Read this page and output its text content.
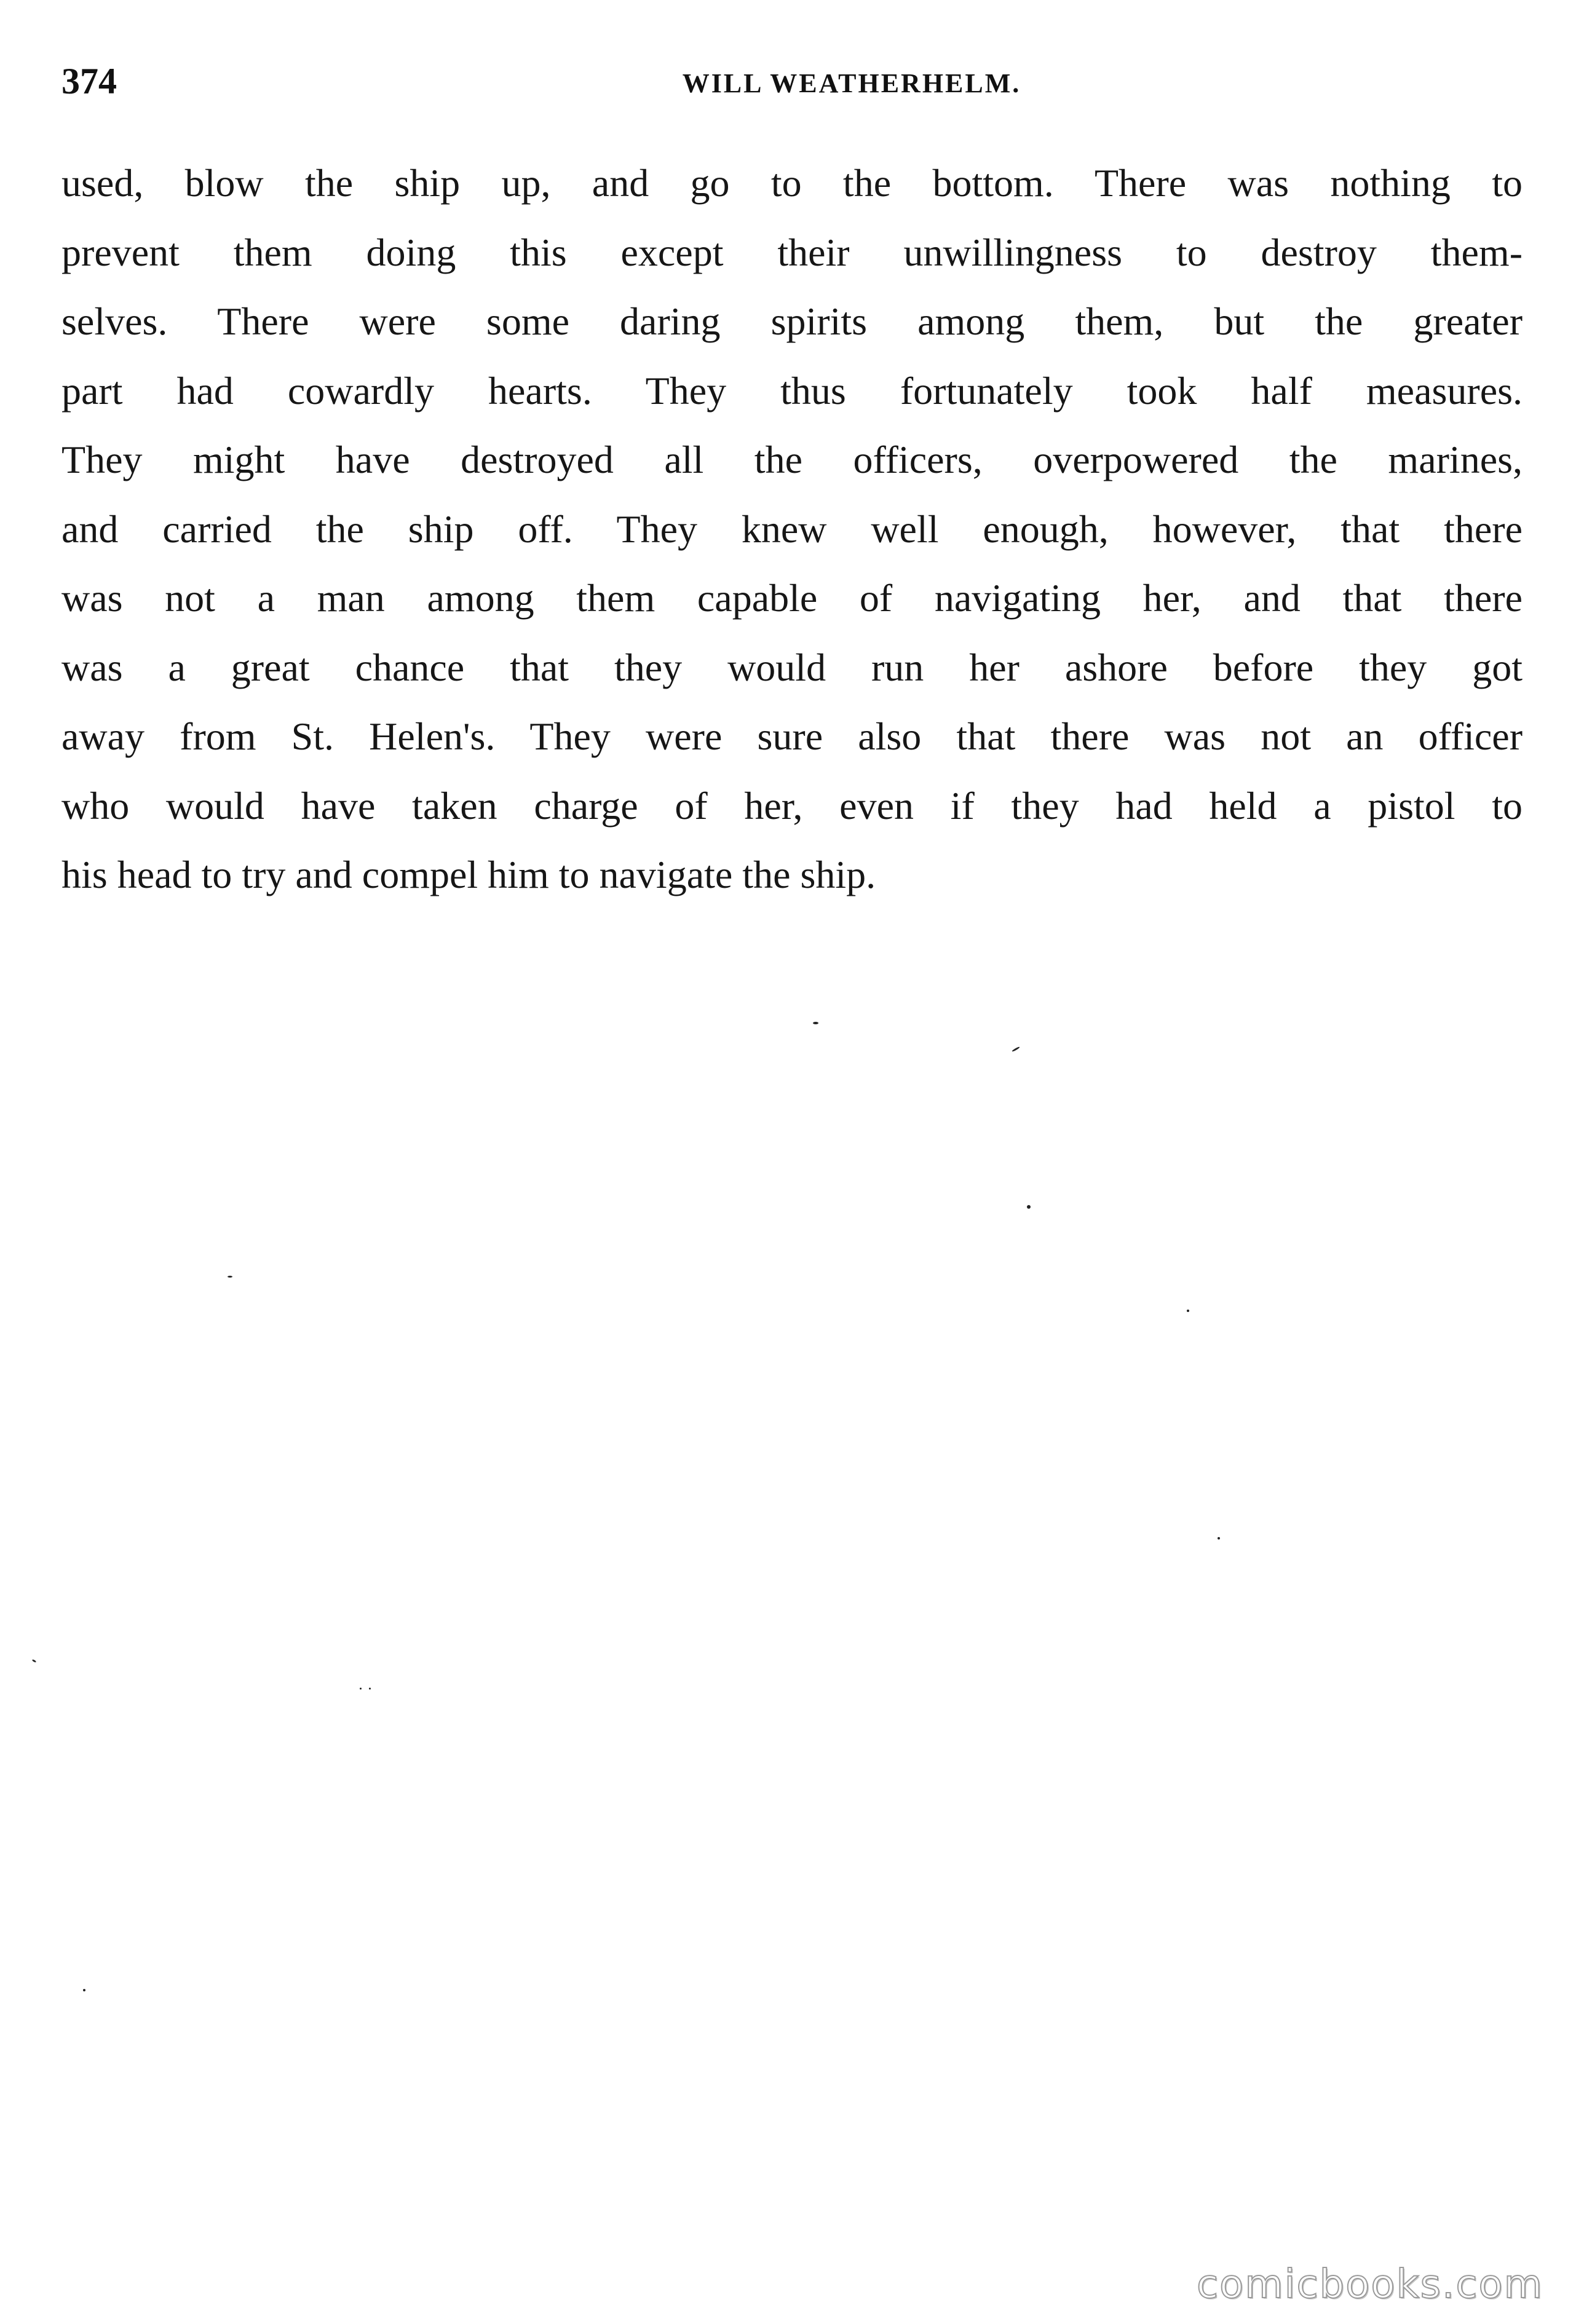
374	WILL WEATHERHELM.
used, blow the ship up, and go to the bottom. There was nothing to
prevent them doing this except their unwillingness to destroy them-
selves. There were some daring spirits among them, but the greater
part had cowardly hearts. They thus fortunately took half measures.
They might have destroyed all the officers, overpowered the marines,
and carried the ship off. They knew well enough, however, that there
was not a man among them capable of navigating her, and that there
was a great chance that they would run her ashore before they got
away from St. Helen's. They were sure also that there was not an officer
who would have taken charge of her, even if they had held a pistol to
his head to try and compel him to navigate the ship.
comicbooks.com
